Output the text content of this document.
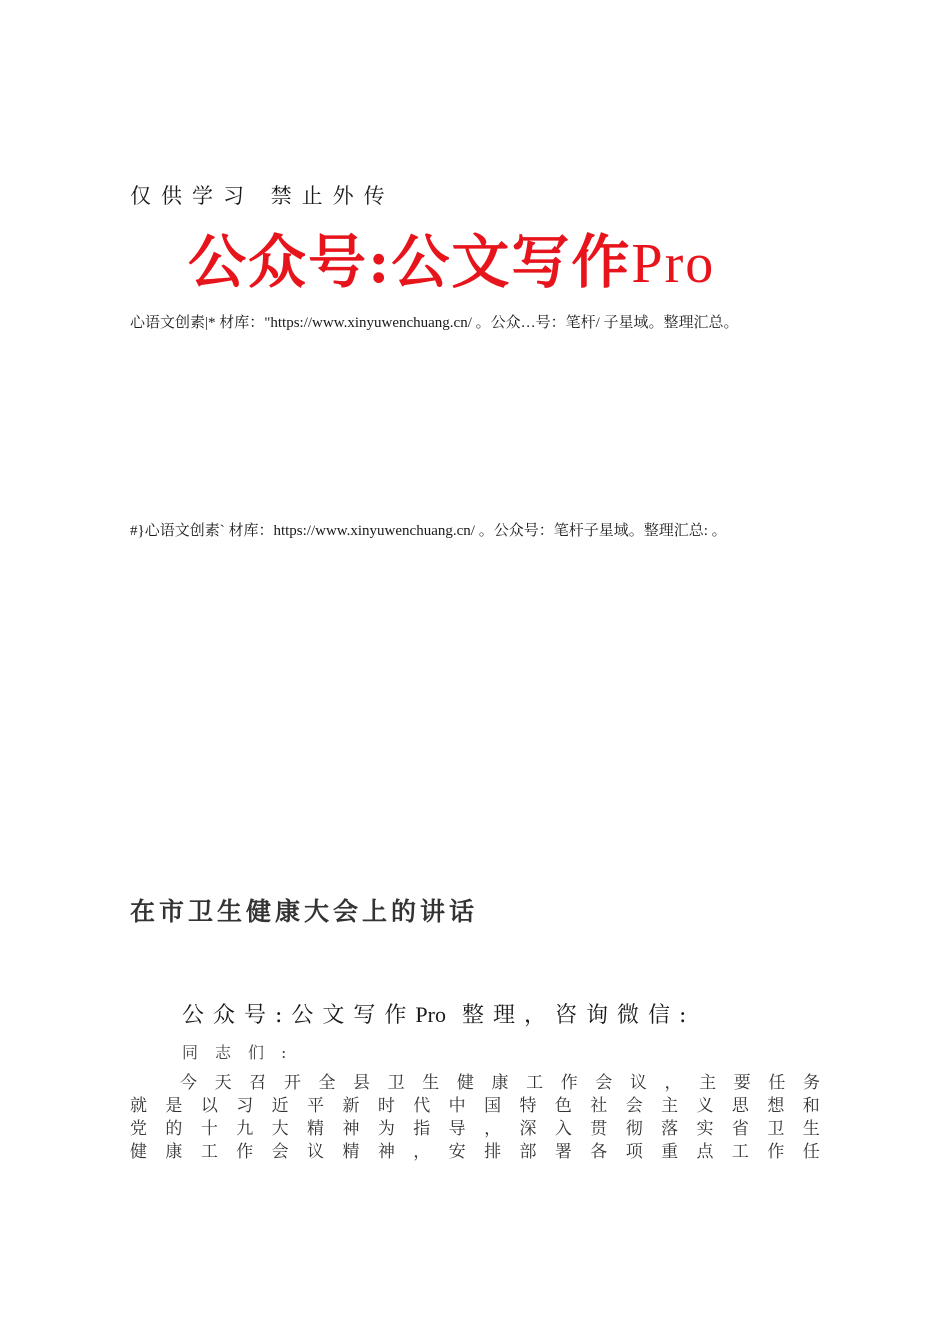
仅供学习 禁止外传
公众号:公文写作Pro
心语文创素|* 材库："https://www.xinyuwenchuang.cn/ 。公众…号：笔杆/ 子星域。整理汇总。
#}心语文创素` 材库：https://www.xinyuwenchuang.cn/ 。公众号：笔杆子星域。整理汇总: 。
在市卫生健康大会上的讲话
公众号:公文写作Pro 整理，咨询微信:
同志们:
今 天 召 开 全 县 卫 生 健 康 工 作 会 议 ， 主 要 任 务
就 是 以 习 近 平 新 时 代 中 国 特 色 社 会 主 义 思 想 和
党 的 十 九 大 精 神 为 指 导 ， 深 入 贯 彻 落 实 省 卫 生
健 康 工 作 会 议 精 神 ， 安 排 部 署 各 项 重 点 工 作 任
